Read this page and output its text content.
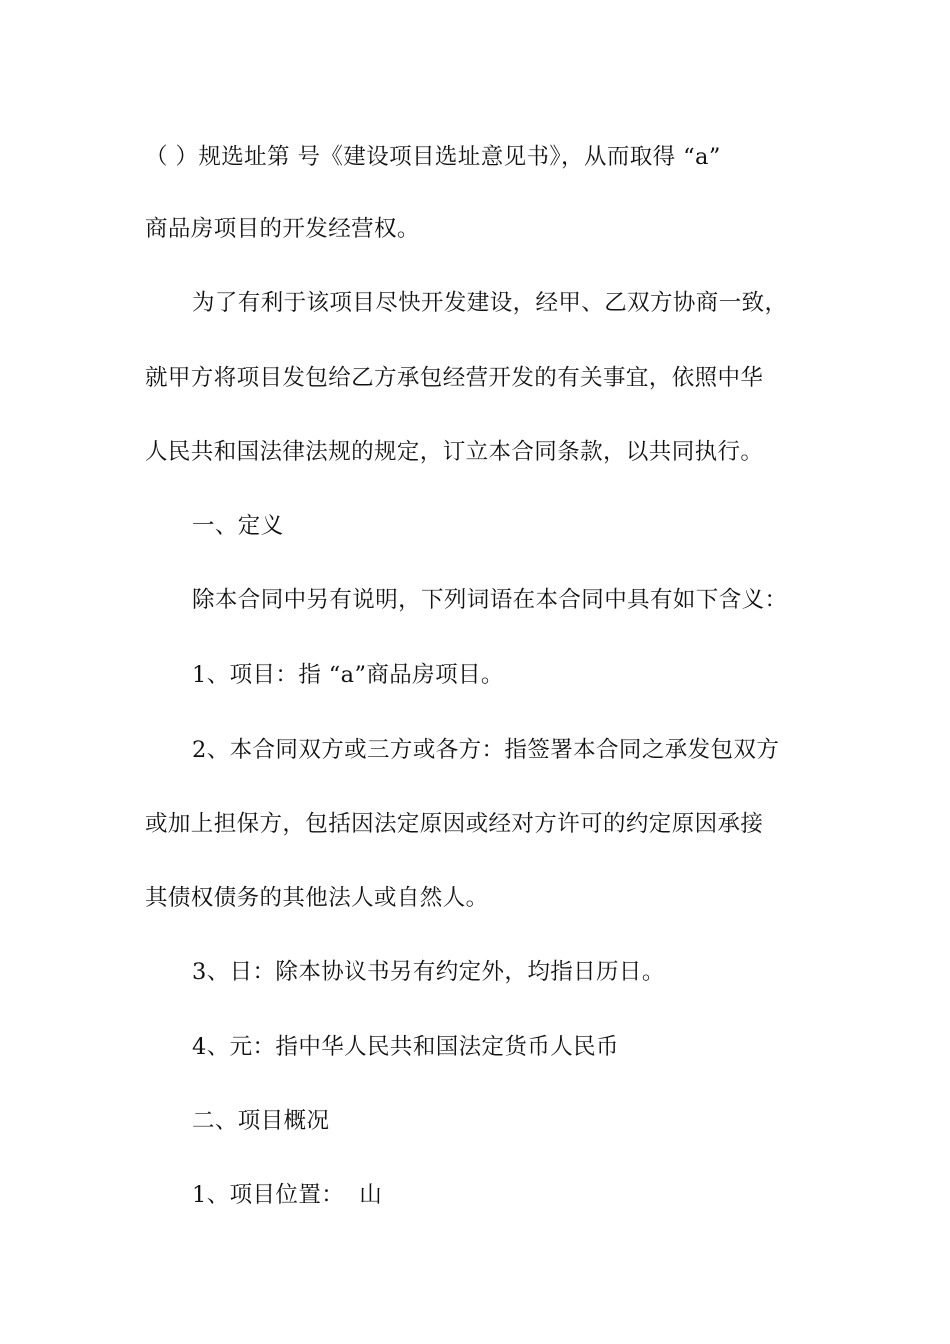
（ ）规选址第 号《建设项目选址意见书》，从而取得 “a”
商品房项目的开发经营权。
为了有利于该项目尽快开发建设，经甲、乙双方协商一致，
就甲方将项目发包给乙方承包经营开发的有关事宜，依照中华
人民共和国法律法规的规定，订立本合同条款，以共同执行。
一、定义
除本合同中另有说明，下列词语在本合同中具有如下含义：
1、项目：指 “a”商品房项目。
2、本合同双方或三方或各方：指签署本合同之承发包双方
或加上担保方，包括因法定原因或经对方许可的约定原因承接
其债权债务的其他法人或自然人。
3、日：除本协议书另有约定外，均指日历日。
4、元：指中华人民共和国法定货币人民币
二、项目概况
1、项目位置：  山
